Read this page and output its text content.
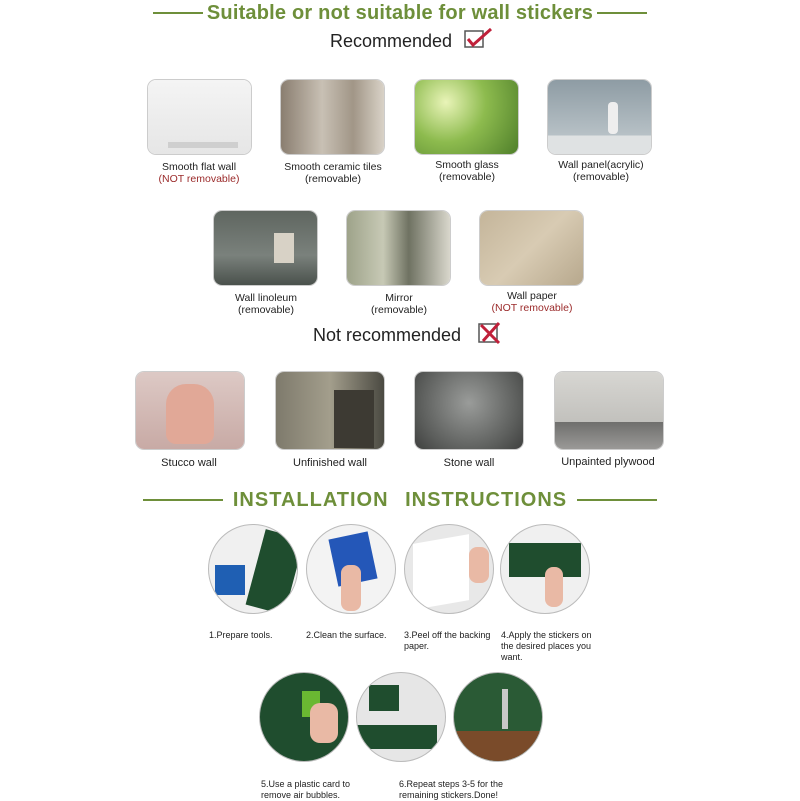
Suitable or not suitable for wall stickers
Recommended
Smooth flat wall
(NOT removable)
Smooth ceramic tiles
(removable)
Smooth glass
(removable)
Wall panel(acrylic)
(removable)
Wall linoleum
(removable)
Mirror
(removable)
Wall paper
(NOT removable)
Not recommended
Stucco wall	Unfinished wall	Stone wall	Unpainted plywood
INSTALLATION INSTRUCTIONS
1.Prepare tools.	2.Clean the surface.	3.Peel off the backing paper.
4.Apply the stickers on the desired places you want.
5.Use a plastic card to remove air bubbles.
6.Repeat steps 3-5 for the remaining stickers.Done!
